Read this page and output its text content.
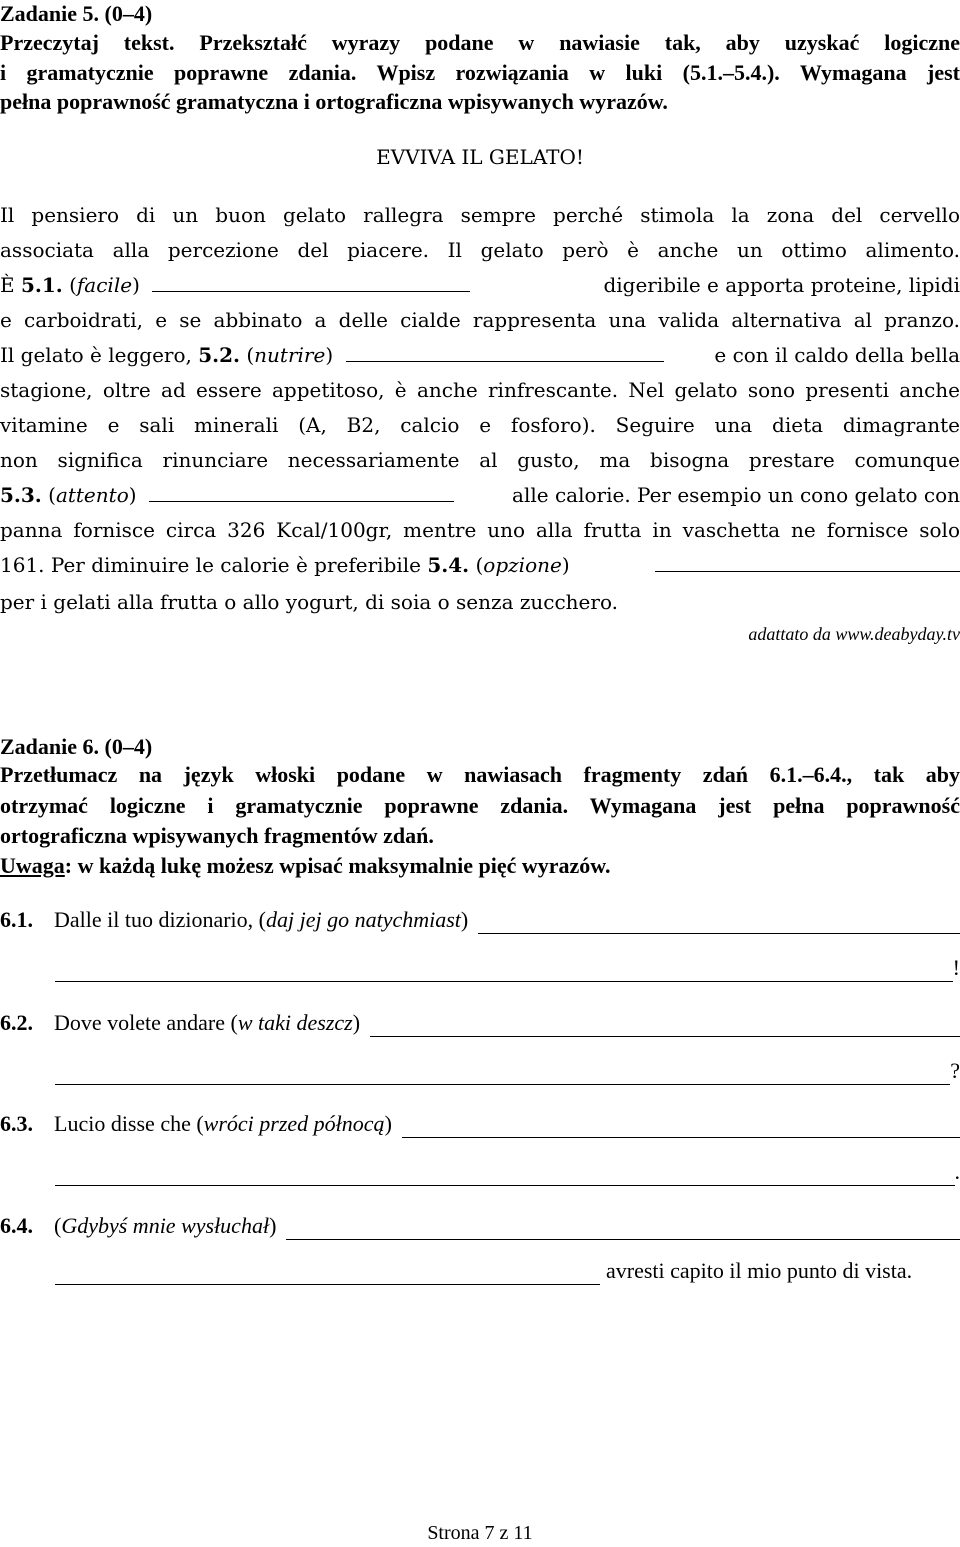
Zadanie 5. (0–4)
Przeczytaj tekst. Przekształć wyrazy podane w nawiasie tak, aby uzyskać logiczne
i gramatycznie poprawne zdania. Wpisz rozwiązania w luki (5.1.–5.4.). Wymagana jest
pełna poprawność gramatyczna i ortograficzna wpisywanych wyrazów.
EVVIVA IL GELATO!
Il pensiero di un buon gelato rallegra sempre perché stimola la zona del cervello
associata alla percezione del piacere. Il gelato però è anche un ottimo alimento.
È 5.1. (facile)	digeribile e apporta proteine, lipidi
e carboidrati, e se abbinato a delle cialde rappresenta una valida alternativa al pranzo.
Il gelato è leggero, 5.2. (nutrire)	e con il caldo della bella
stagione, oltre ad essere appetitoso, è anche rinfrescante. Nel gelato sono presenti anche
vitamine e sali minerali (A, B2, calcio e fosforo). Seguire una dieta dimagrante
non significa rinunciare necessariamente al gusto, ma bisogna prestare comunque
5.3. (attento)	alle calorie. Per esempio un cono gelato con
panna fornisce circa 326 Kcal/100gr, mentre uno alla frutta in vaschetta ne fornisce solo
161. Per diminuire le calorie è preferibile 5.4. (opzione)
per i gelati alla frutta o allo yogurt, di soia o senza zucchero.
adattato da www.deabyday.tv
Zadanie 6. (0–4)
Przetłumacz na język włoski podane w nawiasach fragmenty zdań 6.1.–6.4., tak aby
otrzymać logiczne i gramatycznie poprawne zdania. Wymagana jest pełna poprawność
ortograficzna wpisywanych fragmentów zdań.
Uwaga: w każdą lukę możesz wpisać maksymalnie pięć wyrazów.
6.1. Dalle il tuo dizionario, (daj jej go natychmiast)
!
6.2. Dove volete andare (w taki deszcz)
?
6.3. Lucio disse che (wróci przed północą)
.
6.4. (Gdybyś mnie wysłuchał)
avresti capito il mio punto di vista.
Strona 7 z 11
